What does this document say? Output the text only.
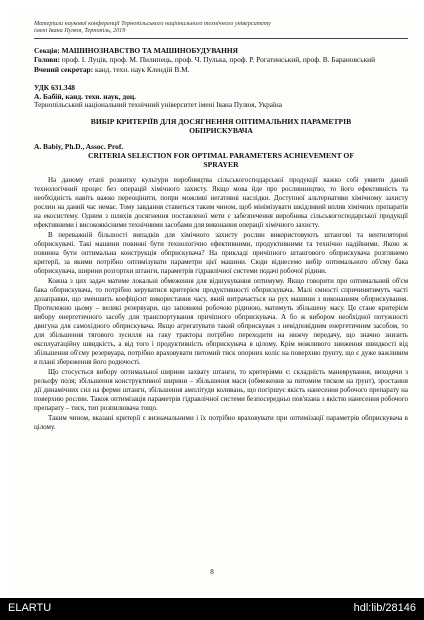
Матеріали наукової конференції Тернопільського національного технічного університету
імені Івана Пулюя, Тернопіль, 2019
Секція: МАШИНОЗНАВСТВО ТА МАШИНОБУДУВАННЯ
Голови: проф. І. Луців, проф. М. Пилипець, проф. Ч. Пулька, проф. Р. Рогатинський, проф. В. Барановський
Вчений секретар: канд. техн. наук Клендій В.М.
УДК 631.348
А. Бабій, канд. техн. наук, доц.
Тернопільський національний технічний університет імені Івана Пулюя, Україна
ВИБІР КРИТЕРІЇВ ДЛЯ ДОСЯГНЕННЯ ОПТИМАЛЬНИХ ПАРАМЕТРІВ ОБПРИСКУВАЧА
A. Babiy, Ph.D., Assoc. Prof.
CRITERIA SELECTION FOR OPTIMAL PARAMETERS ACHIEVEMENT OF SPRAYER

На даному етапі розвитку культури виробництва сільськогосподарської продукції важко собі уявити даний технологічний процес без операцій хімічного захисту. Якщо мова йде про рослинництво, то його ефективність та необхідність навіть важко переоцінити, попри можливі негативні наслідки. Доступної альтернативи хімічному захисту рослин на даний час немає. Тому завдання ставиться таким чином, щоб мінімізувати шкідливий вплив хімічних препаратів на екосистему. Одним з шляхів досягнення поставленої мети є забезпечення виробника сільськогосподарської продукції ефективними і високоякісними технічними засобами для виконання операції хімічного захисту.

В переважній більшості випадків для хімічного захисту рослин використовують штангові та вентиляторні обприскувачі. Такі машини повинні бути технологічно ефективними, продуктивними та технічно надійними. Якою ж повинна бути оптимальна конструкція обприскувача? На прикладі причіпного штангового обприскувача розглянемо критерії, за якими потрібно оптимізувати параметри цієї машини. Сюди віднесемо вибір оптимального об'єму бака обприскувача, ширини розгортки штанги, параметрів гідравлічної системи подачі робочої рідини.

Кожна з цих задач матиме локальні обмеження для відшукування оптимуму. Якщо говорити про оптимальний об'єм бака обприскувача, то потрібно керуватися критерієм продуктивності обприскувача. Малі ємності спричинятимуть часті дозаправки, що зменшить коефіцієнт використання часу, який витрачається на рух машини з виконанням обприскування. Протилежно цьому – великі резервуари, що заповнені робочою рідиною, матимуть збільшену масу. Це стане критерієм вибору енергетичного засобу для транспортування причіпного обприскувача. А бо ж вибором необхідної потужності двигуна для самохідного обприскувача. Якщо агрегатувати такий обприскувач з невідповідним енергетичним засобом, то для збільшення тягового зусилля на гаку трактора потрібно переходити на нижчу передачу, що значно знизить експлуатаційну швидкість, а від того і продуктивність обприскувача в цілому. Крім можливого зниження швидкості від збільшення об'єму резервуара, потрібно враховувати питомий тиск опорних коліс на поверхню ґрунту, що є дуже важливим в плані збереження його родючості.

Що стосується вибору оптимальної ширини захвату штанги, то критеріями є: складність маневрування, виходячи з рельєфу поля; збільшення конструктивної ширини – збільшення маси (обмеження за питомим тиском на ґрунт), зростання дії динамічних сил на ферми штанги, збільшення амплітуди коливань, що погіршує якість нанесення робочого препарату на поверхню рослин. Також оптимізація параметрів гідравлічної системи безпосередньо пов'язана з якістю нанесення робочого препарату – тиск, тип розпилювача тощо.

Таким чином, вказані критерії є визначальними і їх потрібно враховувати при оптимізації параметрів обприскувача в цілому.

8
ELARTU	hdl:lib/28146
